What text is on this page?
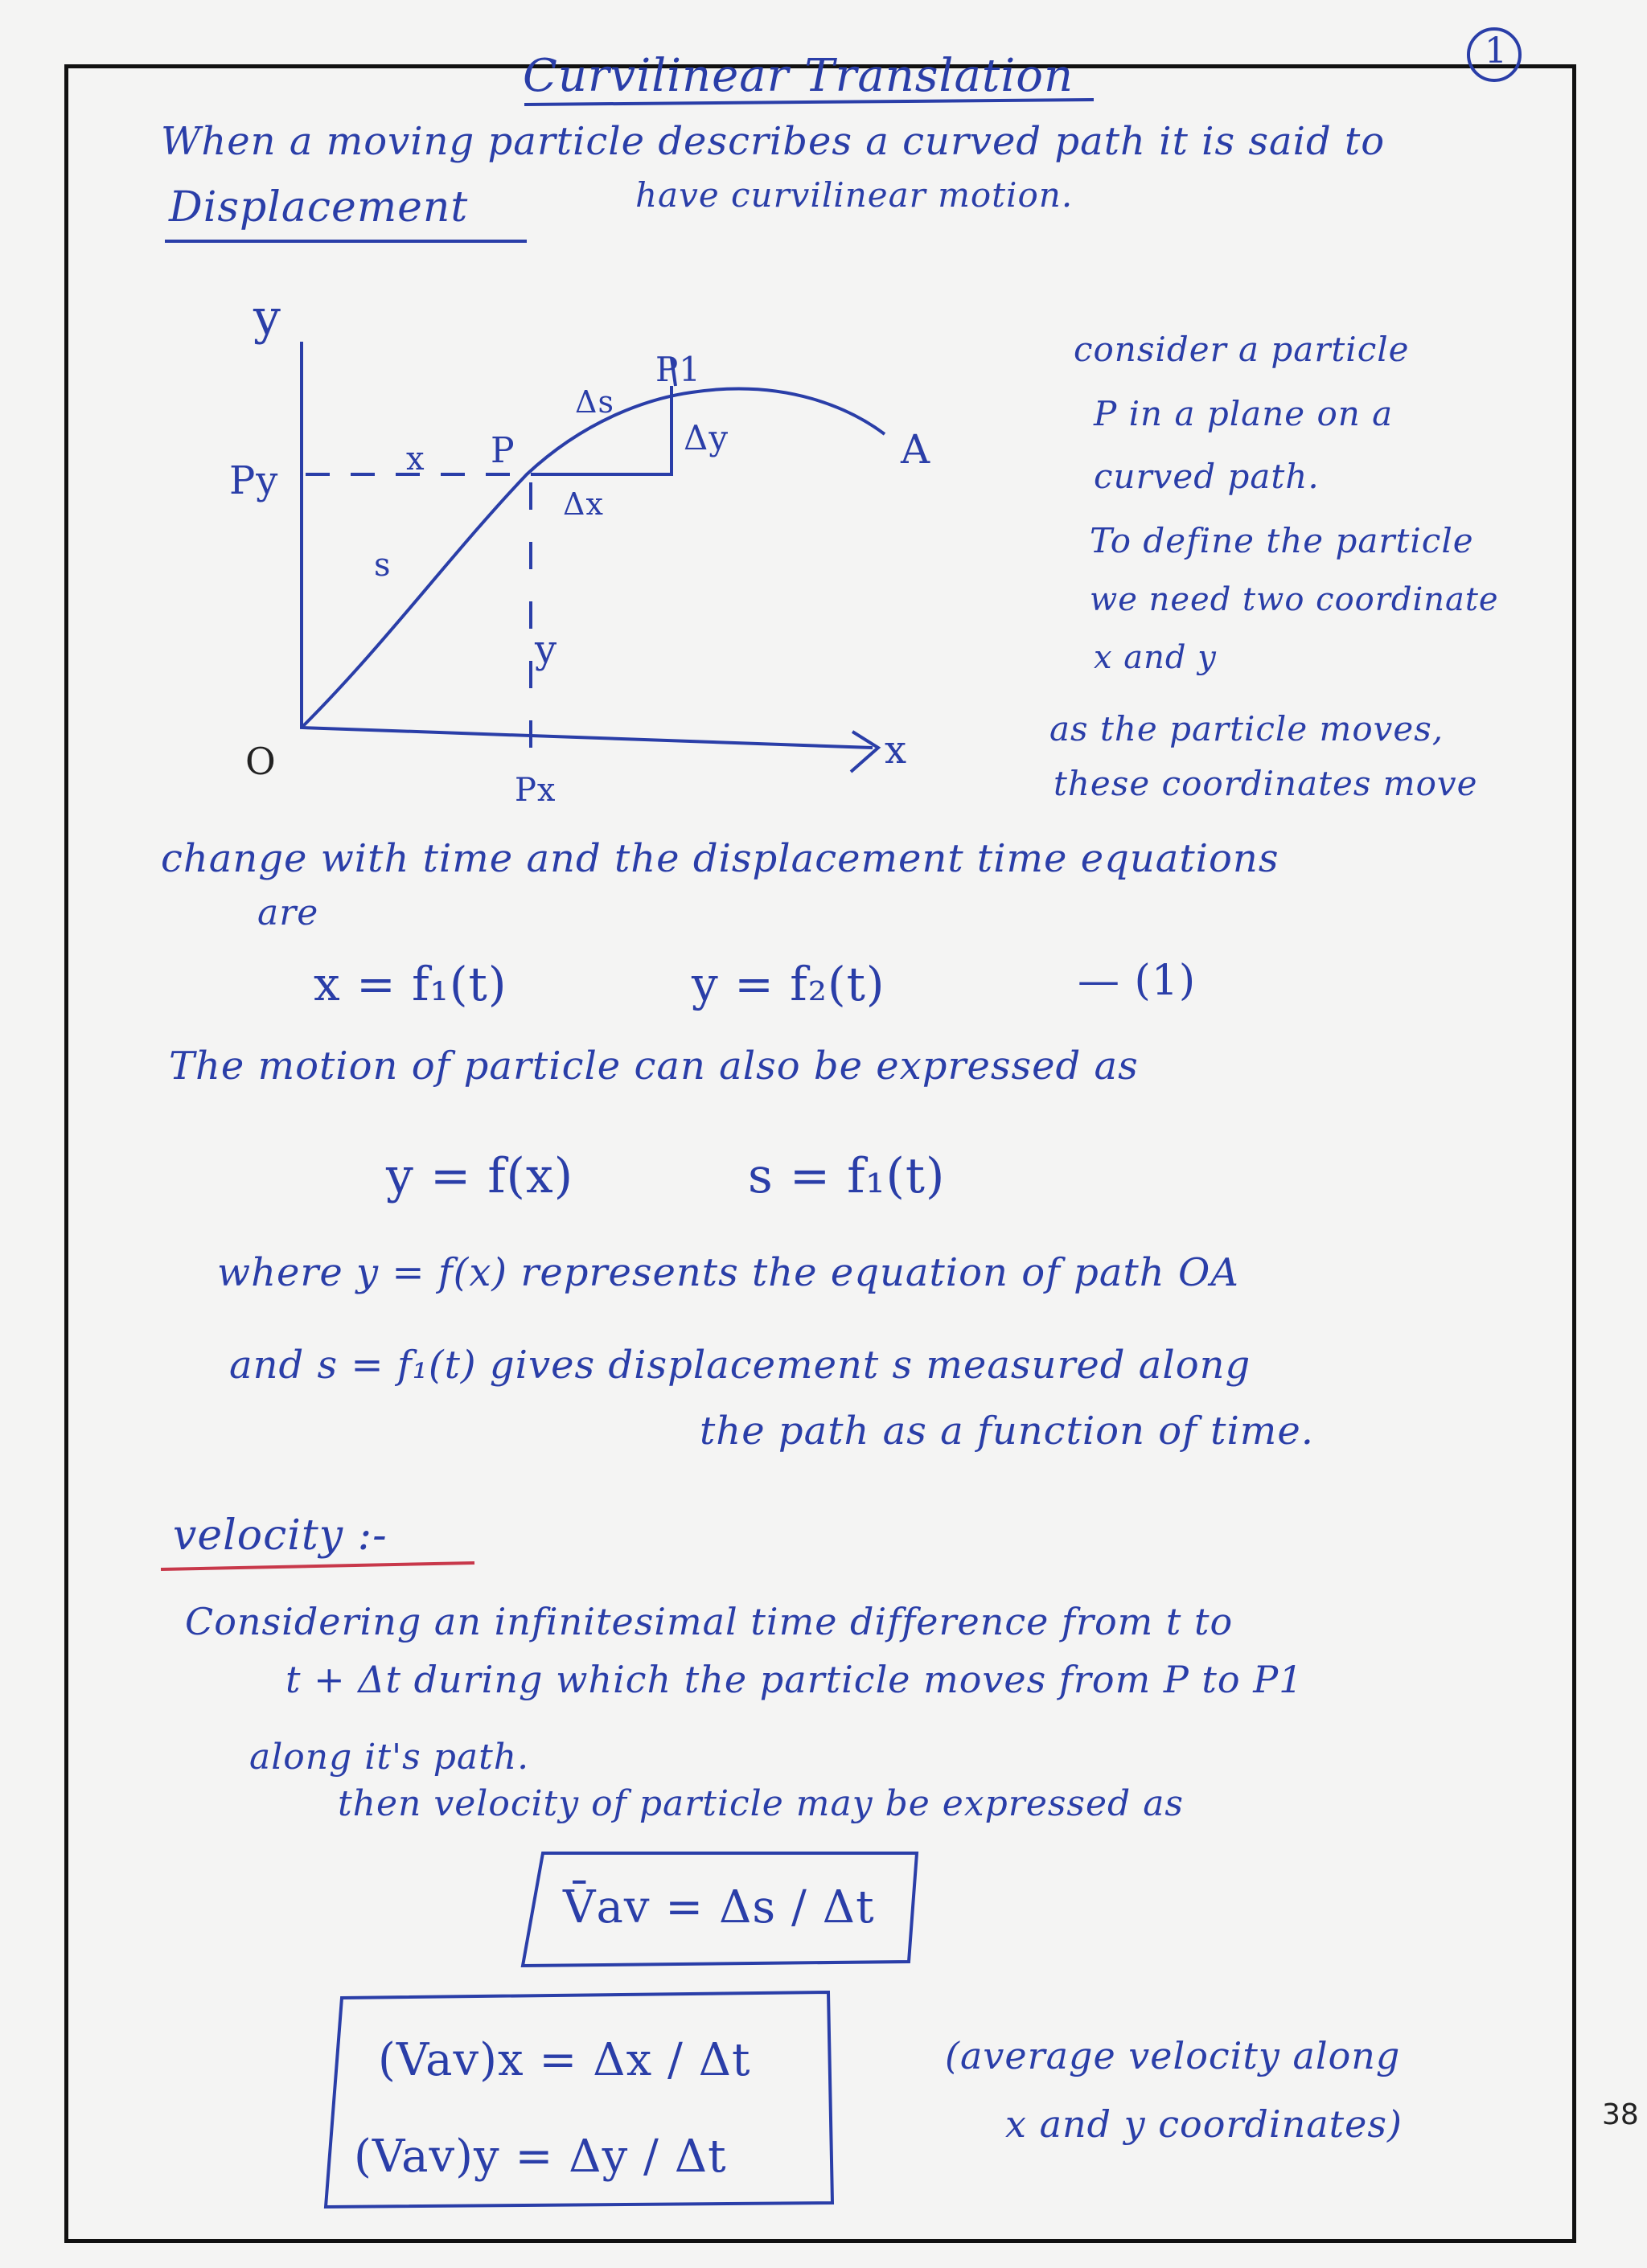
1
38
Curvilinear Translation
When a moving particle describes a curved path it is said to
have curvilinear motion.
Displacement
y
O	x
Py
Px
x
y
P
P1
Δs
Δy
Δx
s
A
consider a particle
P in a plane on a
curved path.
To define the particle
we need two coordinate
x and y
as the particle moves,
these coordinates move
change with time and the displacement time equations
are
x = f₁(t)	y = f₂(t)	— (1)
The motion of particle can also be expressed as
y = f(x)	s = f₁(t)
where y = f(x) represents the equation of path OA
and s = f₁(t) gives displacement s measured along
the path as a function of time.
velocity :-
Considering an infinitesimal time difference from t to
t + Δt during which the particle moves from P to P1
along it's path.
then velocity of particle may be expressed as
V̄av = Δs / Δt
(Vav)x = Δx / Δt
(Vav)y = Δy / Δt
(average velocity along
x and y coordinates)
